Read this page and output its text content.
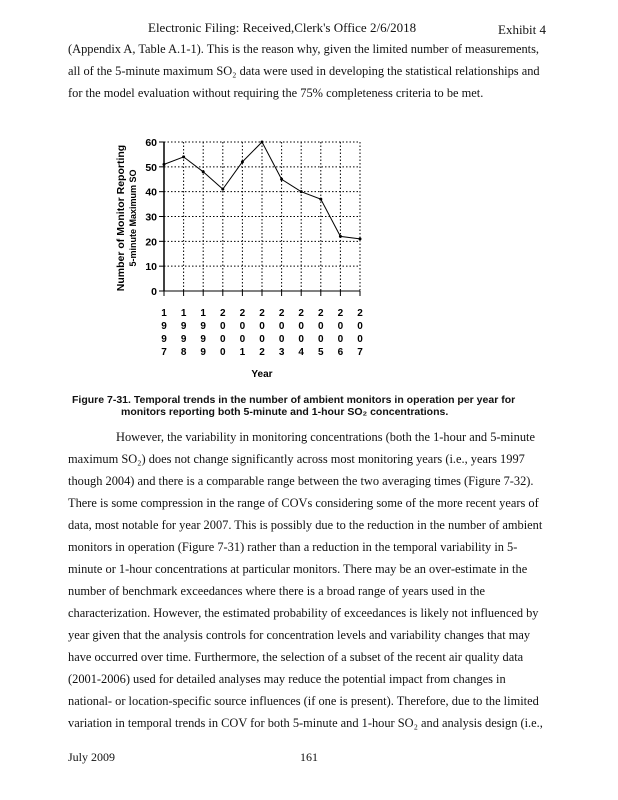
Electronic Filing: Received,Clerk's Office 2/6/2018	Exhibit 4
(Appendix A, Table A.1-1). This is the reason why, given the limited number of measurements,
all of the 5-minute maximum SO₂ data were used in developing the statistical relationships and
for the model evaluation without requiring the 75% completeness criteria to be met.
Number of Monitor Reporting 5-minute Maximum SO
Year
0
10
20
30
40
50
60
1 9 9 7
1 9 9 8
1 9 9 9
2 0 0 0
2 0 0 1
2 0 0 2
2 0 0 3
2 0 0 4
2 0 0 5
2 0 0 6
2 0 0 7
Figure 7-31. Temporal trends in the number of ambient monitors in operation per year for
monitors reporting both 5-minute and 1-hour SO₂ concentrations.
However, the variability in monitoring concentrations (both the 1-hour and 5-minute
maximum SO₂) does not change significantly across most monitoring years (i.e., years 1997
though 2004) and there is a comparable range between the two averaging times (Figure 7-32).
There is some compression in the range of COVs considering some of the more recent years of
data, most notable for year 2007. This is possibly due to the reduction in the number of ambient
monitors in operation (Figure 7-31) rather than a reduction in the temporal variability in 5-
minute or 1-hour concentrations at particular monitors. There may be an over-estimate in the
number of benchmark exceedances where there is a broad range of years used in the
characterization. However, the estimated probability of exceedances is likely not influenced by
year given that the analysis controls for concentration levels and variability changes that may
have occurred over time. Furthermore, the selection of a subset of the recent air quality data
(2001-2006) used for detailed analyses may reduce the potential impact from changes in
national- or location-specific source influences (if one is present). Therefore, due to the limited
variation in temporal trends in COV for both 5-minute and 1-hour SO₂ and analysis design (i.e.,
July 2009	161
